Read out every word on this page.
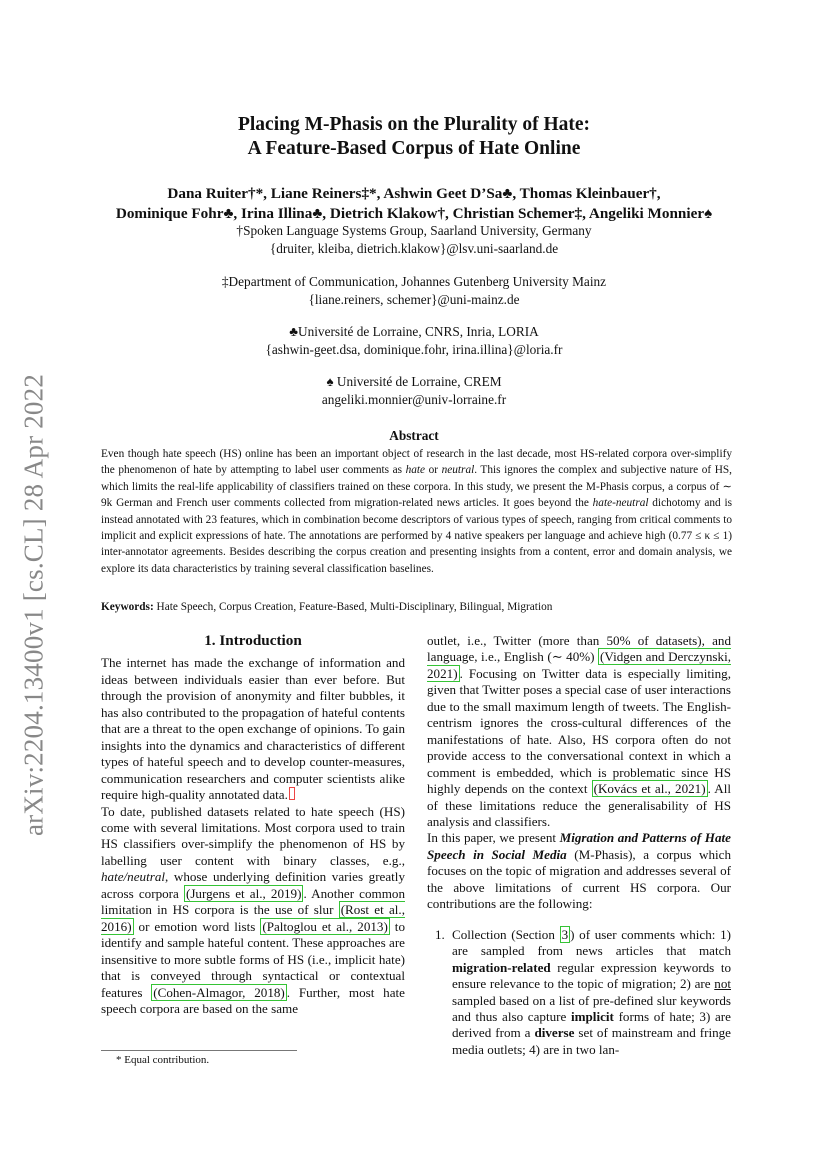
arXiv:2204.13400v1 [cs.CL] 28 Apr 2022
Placing M-Phasis on the Plurality of Hate:
A Feature-Based Corpus of Hate Online
Dana Ruiter†*, Liane Reiners‡*, Ashwin Geet D’Sa♣, Thomas Kleinbauer†,
Dominique Fohr♣, Irina Illina♣, Dietrich Klakow†, Christian Schemer‡, Angeliki Monnier♠
†Spoken Language Systems Group, Saarland University, Germany
{druiter, kleiba, dietrich.klakow}@lsv.uni-saarland.de
‡Department of Communication, Johannes Gutenberg University Mainz
{liane.reiners, schemer}@uni-mainz.de
♣Université de Lorraine, CNRS, Inria, LORIA
{ashwin-geet.dsa, dominique.fohr, irina.illina}@loria.fr
♠ Université de Lorraine, CREM
angeliki.monnier@univ-lorraine.fr
Abstract
Even though hate speech (HS) online has been an important object of research in the last decade, most HS-related corpora over-simplify the phenomenon of hate by attempting to label user comments as hate or neutral. This ignores the complex and subjective nature of HS, which limits the real-life applicability of classifiers trained on these corpora. In this study, we present the M-Phasis corpus, a corpus of ∼ 9k German and French user comments collected from migration-related news articles. It goes beyond the hate-neutral dichotomy and is instead annotated with 23 features, which in combination become descriptors of various types of speech, ranging from critical comments to implicit and explicit expressions of hate. The annotations are performed by 4 native speakers per language and achieve high (0.77 ≤ κ ≤ 1) inter-annotator agreements. Besides describing the corpus creation and presenting insights from a content, error and domain analysis, we explore its data characteristics by training several classification baselines.
Keywords: Hate Speech, Corpus Creation, Feature-Based, Multi-Disciplinary, Bilingual, Migration
1. Introduction

The internet has made the exchange of information and ideas between individuals easier than ever before. But through the provision of anonymity and filter bubbles, it has also contributed to the propagation of hateful contents that are a threat to the open exchange of opinions. To gain insights into the dynamics and characteristics of different types of hateful speech and to develop counter-measures, communication researchers and computer scientists alike require high-quality annotated data.

To date, published datasets related to hate speech (HS) come with several limitations. Most corpora used to train HS classifiers over-simplify the phenomenon of HS by labelling user content with binary classes, e.g., hate/neutral, whose underlying definition varies greatly across corpora (Jurgens et al., 2019) . Another common limitation in HS corpora is the use of slur (Rost et al., 2016) or emotion word lists (Paltoglou et al., 2013) to identify and sample hateful content. These approaches are insensitive to more subtle forms of HS (i.e., implicit hate) that is conveyed through syntactical or contextual features (Cohen-Almagor, 2018) . Further, most hate speech corpora are based on the same

outlet, i.e., Twitter (more than 50% of datasets), and language, i.e., English (∼ 40%) (Vidgen and Derczynski, 2021) . Focusing on Twitter data is especially limiting, given that Twitter poses a special case of user interactions due to the small maximum length of tweets. The English-centrism ignores the cross-cultural differences of the manifestations of hate. Also, HS corpora often do not provide access to the conversational context in which a comment is embedded, which is problematic since HS highly depends on the context (Kovács et al., 2021) . All of these limitations reduce the generalisability of HS analysis and classifiers.

In this paper, we present Migration and Patterns of Hate Speech in Social Media (M-Phasis), a corpus which focuses on the topic of migration and addresses several of the above limitations of current HS corpora. Our contributions are the following:

1. Collection (Section 3 ) of user comments which: 1) are sampled from news articles that match migration-related regular expression keywords to ensure relevance to the topic of migration; 2) are not sampled based on a list of pre-defined slur keywords and thus also capture implicit forms of hate; 3) are derived from a diverse set of mainstream and fringe media outlets; 4) are in two lan-
* Equal contribution.
